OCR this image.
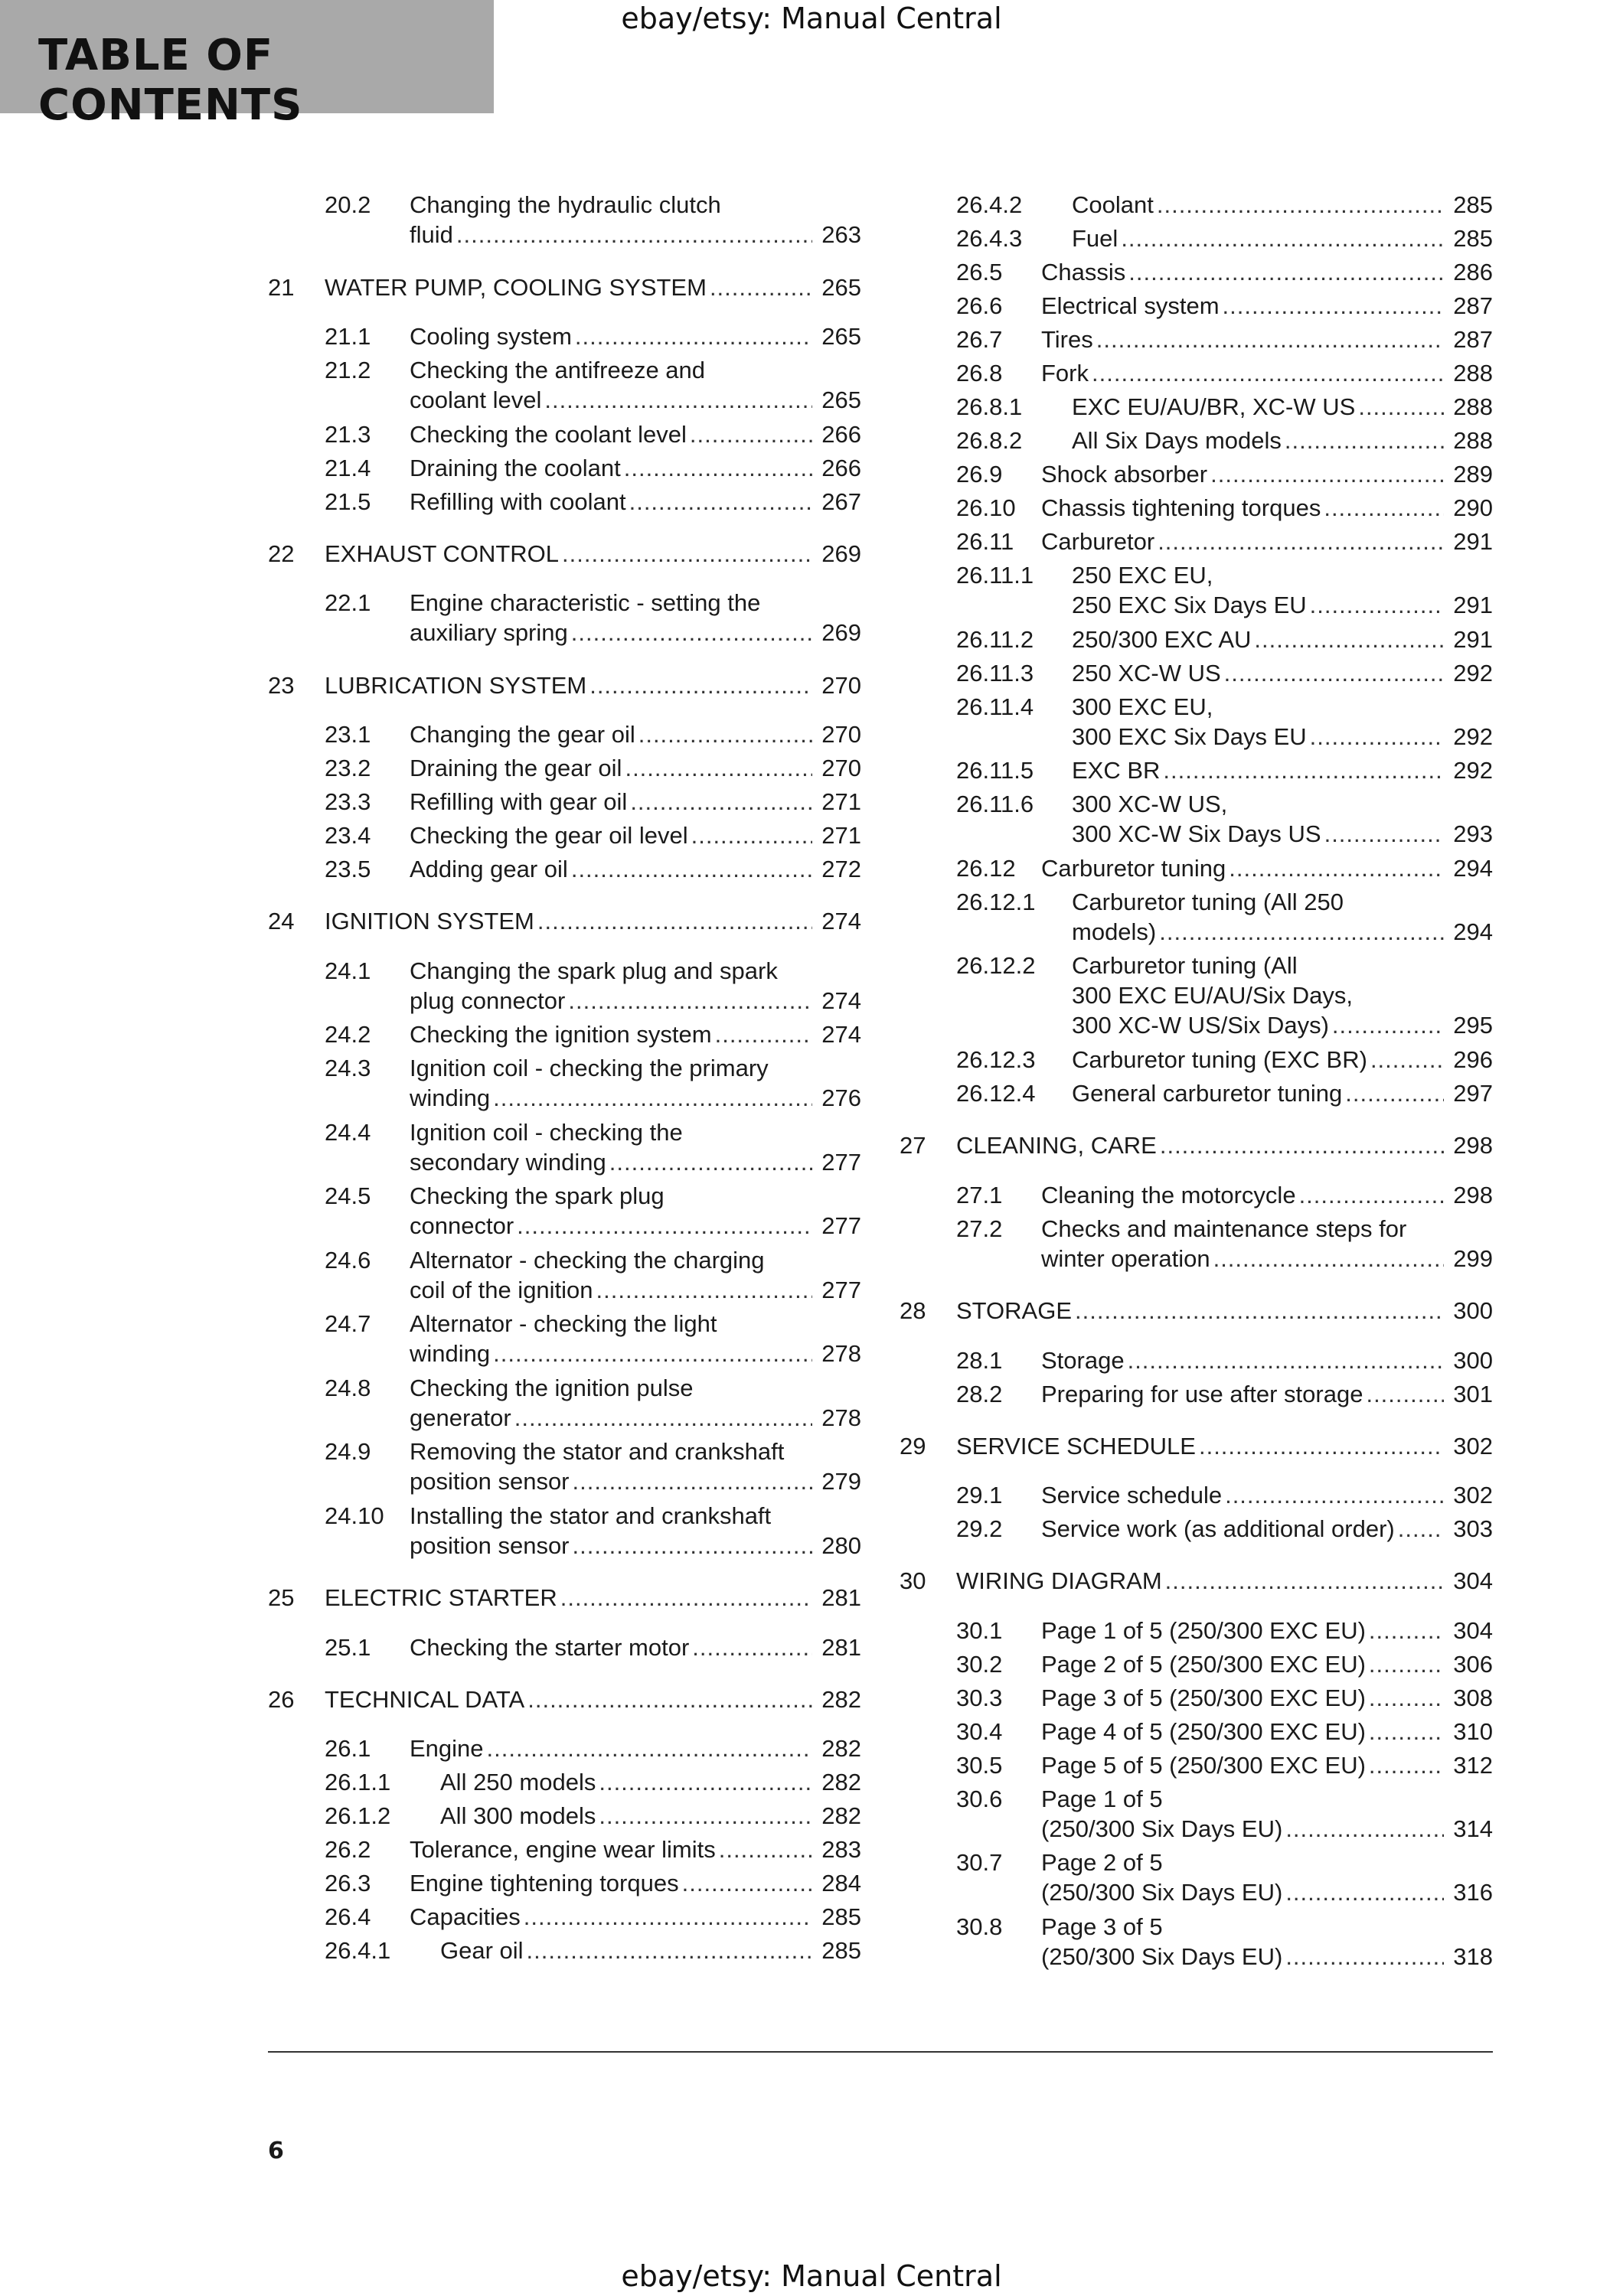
ebay/etsy: Manual Central
TABLE OF CONTENTS
20.2 Changing the hydraulic clutch
fluid .....	263
21 WATER PUMP, COOLING SYSTEM .....	265
21.1 Cooling system .....	265
21.2 Checking the antifreeze and
coolant level .....	265
21.3 Checking the coolant level .....	266
21.4 Draining the coolant .....	266
21.5 Refilling with coolant .....	267
22 EXHAUST CONTROL .....	269
22.1 Engine characteristic - setting the
auxiliary spring .....	269
23 LUBRICATION SYSTEM .....	270
23.1 Changing the gear oil .....	270
23.2 Draining the gear oil .....	270
23.3 Refilling with gear oil .....	271
23.4 Checking the gear oil level .....	271
23.5 Adding gear oil .....	272
24 IGNITION SYSTEM .....	274
24.1 Changing the spark plug and spark
plug connector .....	274
24.2 Checking the ignition system .....	274
24.3 Ignition coil - checking the primary
winding .....	276
24.4 Ignition coil - checking the
secondary winding .....	277
24.5 Checking the spark plug
connector .....	277
24.6 Alternator - checking the charging
coil of the ignition .....	277
24.7 Alternator - checking the light
winding .....	278
24.8 Checking the ignition pulse
generator .....	278
24.9 Removing the stator and crankshaft
position sensor .....	279
24.10 Installing the stator and crankshaft
position sensor .....	280
25 ELECTRIC STARTER .....	281
25.1 Checking the starter motor .....	281
26 TECHNICAL DATA .....	282
26.1 Engine .....	282
26.1.1 All 250 models .....	282
26.1.2 All 300 models .....	282
26.2 Tolerance, engine wear limits .....	283
26.3 Engine tightening torques .....	284
26.4 Capacities .....	285
26.4.1 Gear oil .....	285
26.4.2 Coolant .....	285
26.4.3 Fuel .....	285
26.5 Chassis .....	286
26.6 Electrical system .....	287
26.7 Tires .....	287
26.8 Fork .....	288
26.8.1 EXC EU/AU/BR, XC-W US .....	288
26.8.2 All Six Days models .....	288
26.9 Shock absorber .....	289
26.10 Chassis tightening torques .....	290
26.11 Carburetor .....	291
26.11.1 250 EXC EU,
250 EXC Six Days EU .....	291
26.11.2 250/300 EXC AU .....	291
26.11.3 250 XC-W US .....	292
26.11.4 300 EXC EU,
300 EXC Six Days EU .....	292
26.11.5 EXC BR .....	292
26.11.6 300 XC-W US,
300 XC-W Six Days US .....	293
26.12 Carburetor tuning .....	294
26.12.1 Carburetor tuning (All 250
models) .....	294
26.12.2 Carburetor tuning (All
300 EXC EU/AU/Six Days,
300 XC-W US/Six Days) .....	295
26.12.3 Carburetor tuning (EXC BR) .....	296
26.12.4 General carburetor tuning .....	297
27 CLEANING, CARE .....	298
27.1 Cleaning the motorcycle .....	298
27.2 Checks and maintenance steps for
winter operation .....	299
28 STORAGE .....	300
28.1 Storage .....	300
28.2 Preparing for use after storage .....	301
29 SERVICE SCHEDULE .....	302
29.1 Service schedule .....	302
29.2 Service work (as additional order) ..... 303
30 WIRING DIAGRAM .....	304
30.1 Page 1 of 5 (250/300 EXC EU) .....	304
30.2 Page 2 of 5 (250/300 EXC EU) .....	306
30.3 Page 3 of 5 (250/300 EXC EU) .....	308
30.4 Page 4 of 5 (250/300 EXC EU) .....	310
30.5 Page 5 of 5 (250/300 EXC EU) .....	312
30.6 Page 1 of 5
(250/300 Six Days EU) .....	314
30.7 Page 2 of 5
(250/300 Six Days EU) .....	316
30.8 Page 3 of 5
(250/300 Six Days EU) .....	318
6
ebay/etsy: Manual Central
